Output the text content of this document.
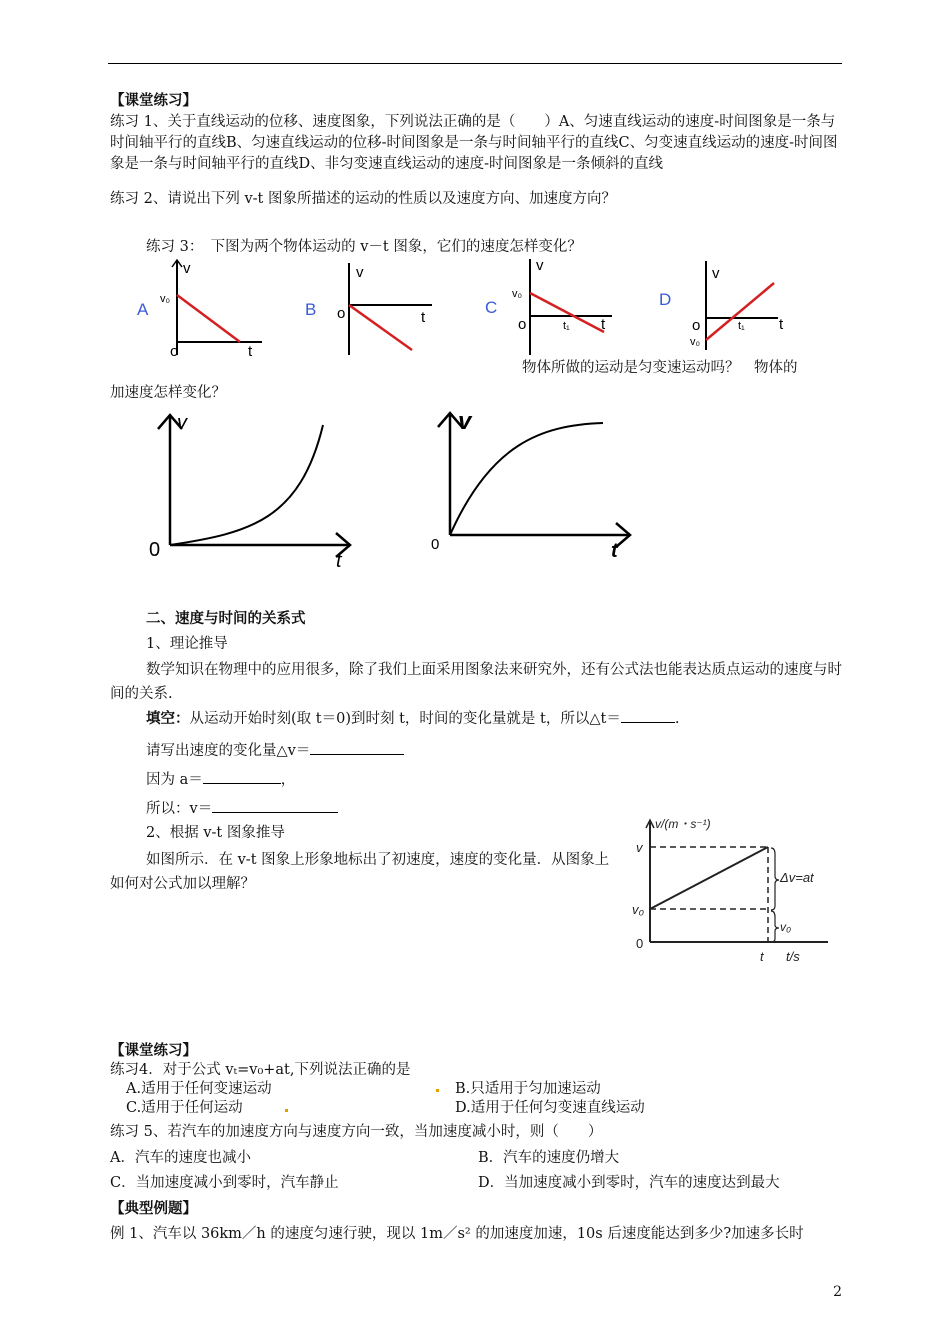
【课堂练习】
练习 1、关于直线运动的位移、速度图象，下列说法正确的是（　　）A、匀速直线运动的速度-时间图象是一条与时间轴平行的直线B、匀速直线运动的位移-时间图象是一条与时间轴平行的直线C、匀变速直线运动的速度-时间图象是一条与时间轴平行的直线D、非匀变速直线运动的速度-时间图象是一条倾斜的直线
练习 2、请说出下列 v-t 图象所描述的运动的性质以及速度方向、加速度方向？
练习 3：　下图为两个物体运动的 v－t 图象，它们的速度怎样变化？
A
v
v₀
o	t
B
v
o	t
C
v
v₀
o	t₁ t
D
v
o
v₀
t₁ t
物体所做的运动是匀变速运动吗？　物体的
加速度怎样变化？
v
0	t
v
0	t
二、速度与时间的关系式
1、理论推导
数学知识在物理中的应用很多，除了我们上面采用图象法来研究外，还有公式法也能表达质点运动的速度与时间的关系.
填空：从运动开始时刻(取 t＝0)到时刻 t，时间的变化量就是 t，所以△t＝	.
请写出速度的变化量△v＝
因为 a＝	，
所以：v＝
2、根据 v-t 图象推导
如图所示．在 v-t 图象上形象地标出了初速度，速度的变化量．从图象上如何对公式加以理解？
v/(m・s⁻¹)
v
v₀
0
t t/s
Δv=at
v₀
【课堂练习】
练习4．对于公式 vₜ=v₀+at,下列说法正确的是
A.适用于任何变速运动	B.只适用于匀加速运动
C.适用于任何运动	D.适用于任何匀变速直线运动
练习 5、若汽车的加速度方向与速度方向一致，当加速度减小时，则（　　）
A．汽车的速度也减小	B．汽车的速度仍增大
C．当加速度减小到零时，汽车静止	D．当加速度减小到零时，汽车的速度达到最大
【典型例题】
例 1、汽车以 36km／h 的速度匀速行驶，现以 1m／s² 的加速度加速，10s 后速度能达到多少?加速多长时
2
